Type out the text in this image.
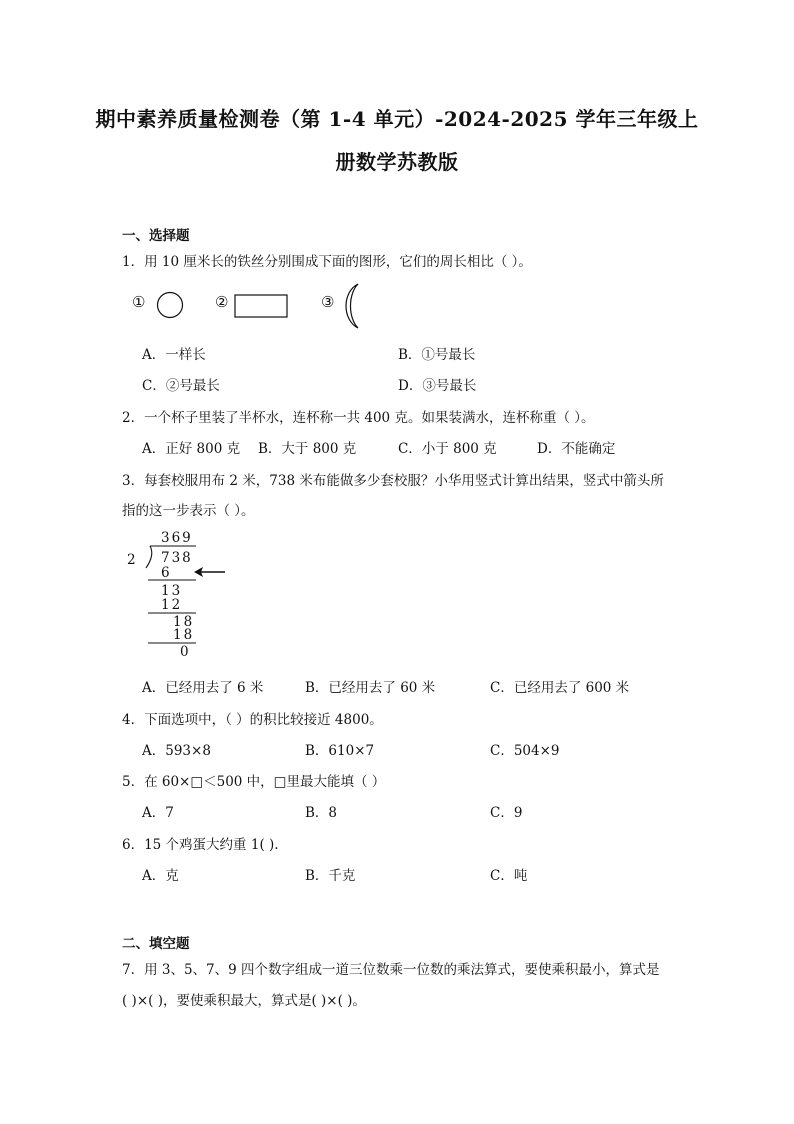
期中素养质量检测卷（第 1-4 单元）-2024-2025 学年三年级上
册数学苏教版
一、选择题
1．用 10 厘米长的铁丝分别围成下面的图形，它们的周长相比（ ）。
①	②	③
A．一样长	B．①号最长
C．②号最长	D．③号最长
2．一个杯子里装了半杯水，连杯称一共 400 克。如果装满水，连杯称重（ ）。
A．正好 800 克 B．大于 800 克	C．小于 800 克	D．不能确定
3．每套校服用布 2 米，738 米布能做多少套校服？小华用竖式计算出结果，竖式中箭头所
指的这一步表示（ ）。
369
2 738
6
13
12
18
18
0
A．已经用去了 6 米	B．已经用去了 60 米	C．已经用去了 600 米
4．下面选项中，（ ）的积比较接近 4800。
A．593×8	B．610×7	C．504×9
5．在 60×□＜500 中，□里最大能填（ ）
A．7	B．8	C．9
6．15 个鸡蛋大约重 1( ).
A．克	B．千克	C．吨
二、填空题
7．用 3、5、7、9 四个数字组成一道三位数乘一位数的乘法算式，要使乘积最小，算式是
( )×( )，要使乘积最大，算式是( )×( )。
